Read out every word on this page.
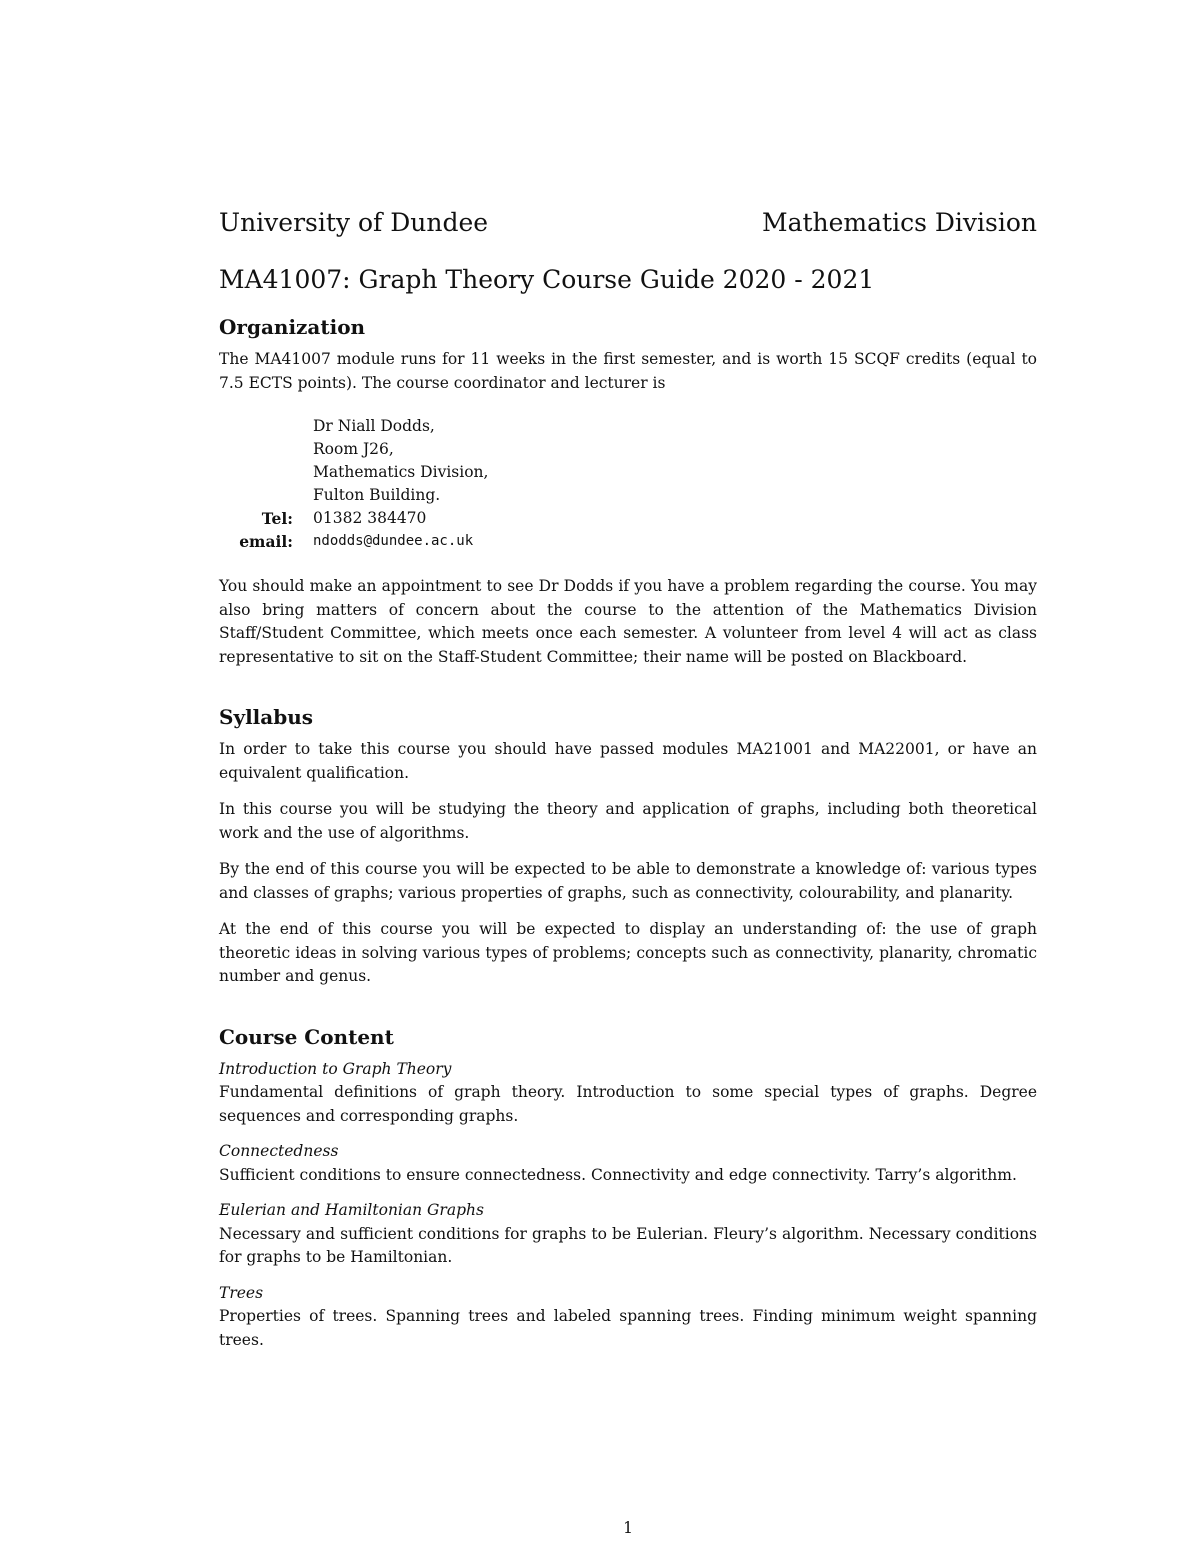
University of Dundee	Mathematics Division
MA41007: Graph Theory Course Guide 2020 - 2021
Organization

The MA41007 module runs for 11 weeks in the first semester, and is worth 15 SCQF credits (equal to 7.5 ECTS points). The course coordinator and lecturer is

Dr Niall Dodds,
Room J26,
Mathematics Division,
Fulton Building.
Tel:	01382 384470
email:	ndodds@dundee.ac.uk

You should make an appointment to see Dr Dodds if you have a problem regarding the course. You may also bring matters of concern about the course to the attention of the Mathematics Division Staff/Student Committee, which meets once each semester. A volunteer from level 4 will act as class representative to sit on the Staff-Student Committee; their name will be posted on Blackboard.

Syllabus

In order to take this course you should have passed modules MA21001 and MA22001, or have an equivalent qualification.

In this course you will be studying the theory and application of graphs, including both theoretical work and the use of algorithms.

By the end of this course you will be expected to be able to demonstrate a knowledge of: various types and classes of graphs; various properties of graphs, such as connectivity, colourability, and planarity.

At the end of this course you will be expected to display an understanding of: the use of graph theoretic ideas in solving various types of problems; concepts such as connectivity, planarity, chromatic number and genus.

Course Content

Introduction to Graph Theory

Fundamental definitions of graph theory. Introduction to some special types of graphs. Degree sequences and corresponding graphs.

Connectedness

Sufficient conditions to ensure connectedness. Connectivity and edge connectivity. Tarry’s algorithm.

Eulerian and Hamiltonian Graphs

Necessary and sufficient conditions for graphs to be Eulerian. Fleury’s algorithm. Necessary conditions for graphs to be Hamiltonian.

Trees

Properties of trees. Spanning trees and labeled spanning trees. Finding minimum weight spanning trees.

1
